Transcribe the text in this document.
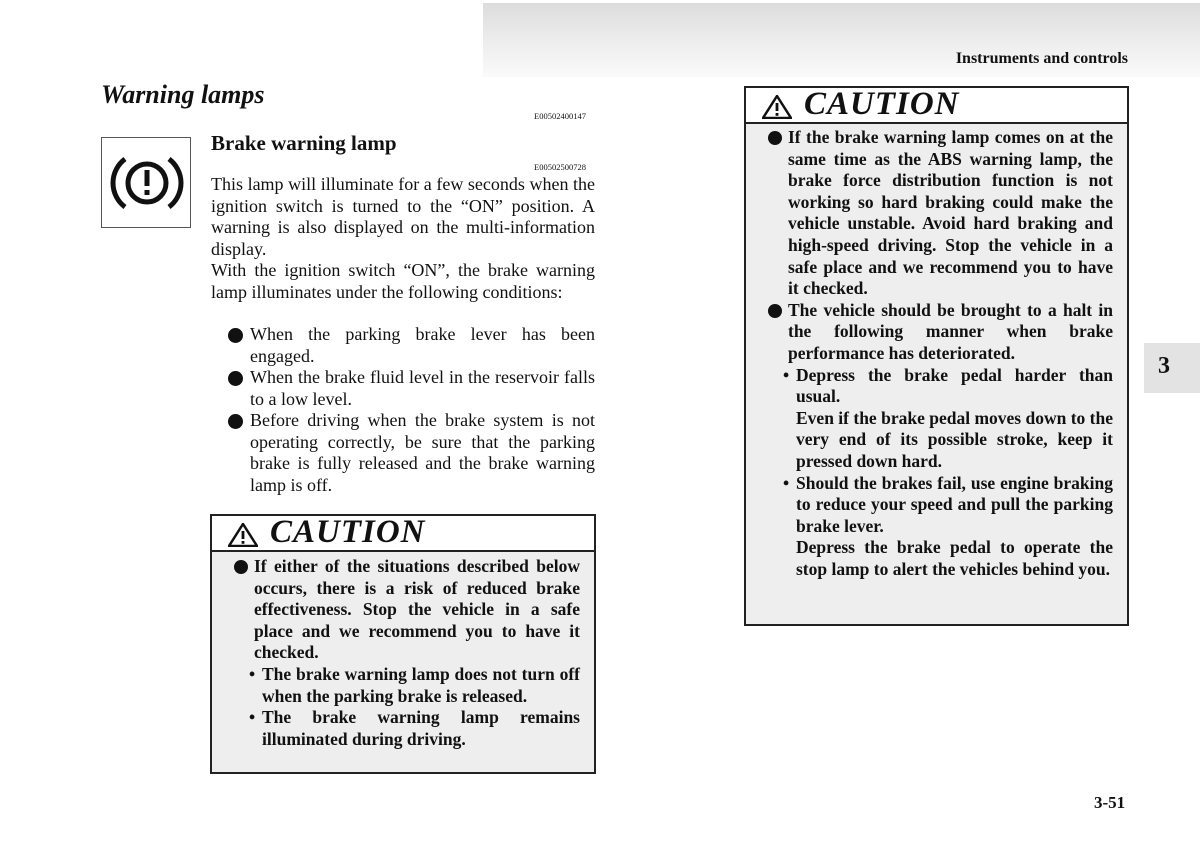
Instruments and controls
Warning lamps
E00502400147
Brake warning lamp
E00502500728
This lamp will illuminate for a few seconds when the ignition switch is turned to the “ON” position. A warning is also displayed on the multi-information display.
With the ignition switch “ON”, the brake warning lamp illuminates under the following conditions:
When the parking brake lever has been engaged.
When the brake fluid level in the reservoir falls to a low level.
Before driving when the brake system is not operating correctly, be sure that the parking brake is fully released and the brake warning lamp is off.
CAUTION
If either of the situations described below occurs, there is a risk of reduced brake effectiveness. Stop the vehicle in a safe place and we recommend you to have it checked.
• The brake warning lamp does not turn off when the parking brake is released.
• The brake warning lamp remains illuminated during driving.
CAUTION
If the brake warning lamp comes on at the same time as the ABS warning lamp, the brake force distribution function is not working so hard braking could make the vehicle unstable. Avoid hard braking and high-speed driving. Stop the vehicle in a safe place and we recommend you to have it checked.
The vehicle should be brought to a halt in the following manner when brake performance has deteriorated.
• Depress the brake pedal harder than usual.
Even if the brake pedal moves down to the very end of its possible stroke, keep it pressed down hard.
• Should the brakes fail, use engine braking to reduce your speed and pull the parking brake lever.
Depress the brake pedal to operate the stop lamp to alert the vehicles behind you.
3
3-51
